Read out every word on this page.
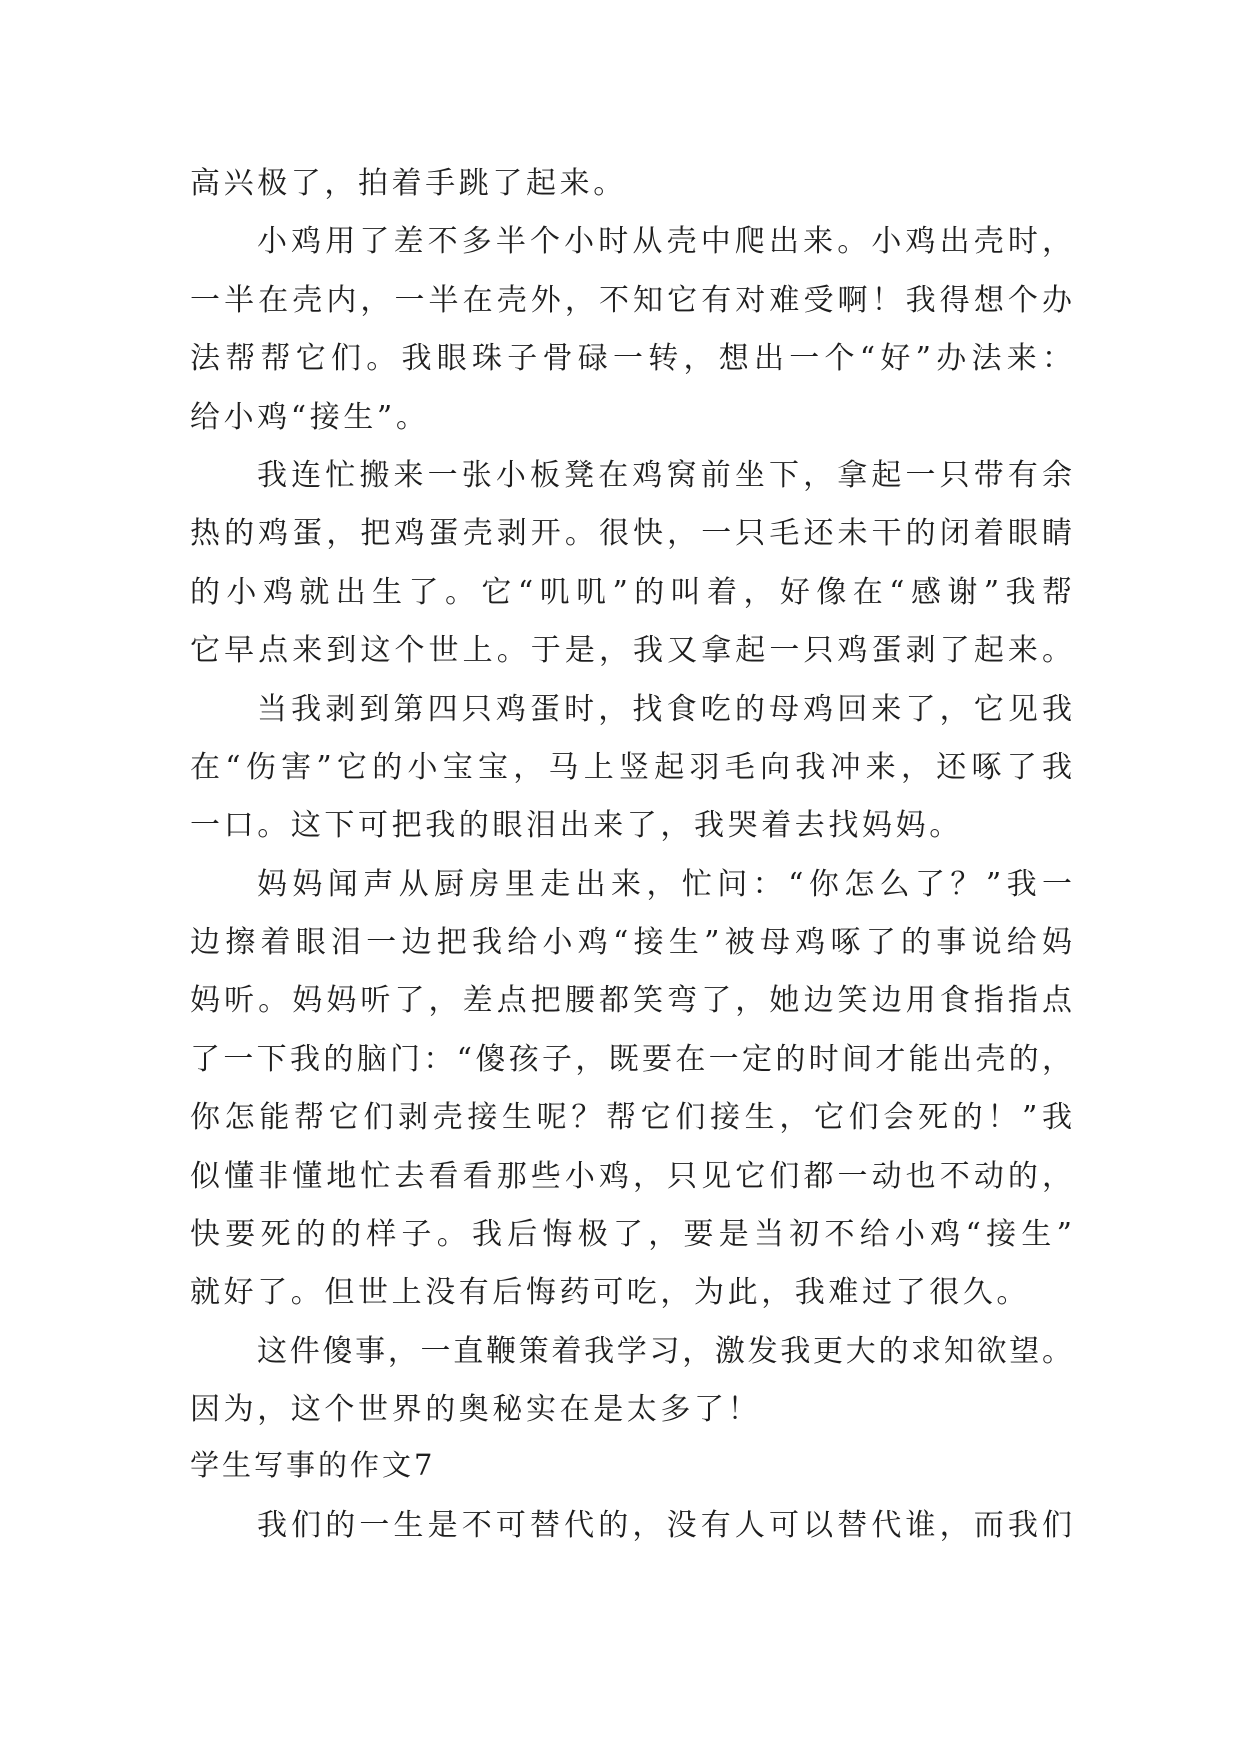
高兴极了，拍着手跳了起来。
小鸡用了差不多半个小时从壳中爬出来。小鸡出壳时，
一半在壳内，一半在壳外，不知它有对难受啊！我得想个办
法帮帮它们。我眼珠子骨碌一转，想出一个“好”办法来：
给小鸡“接生”。
我连忙搬来一张小板凳在鸡窝前坐下，拿起一只带有余
热的鸡蛋，把鸡蛋壳剥开。很快，一只毛还未干的闭着眼睛
的小鸡就出生了。它“叽叽”的叫着，好像在“感谢”我帮
它早点来到这个世上。于是，我又拿起一只鸡蛋剥了起来。
当我剥到第四只鸡蛋时，找食吃的母鸡回来了，它见我
在“伤害”它的小宝宝，马上竖起羽毛向我冲来，还啄了我
一口。这下可把我的眼泪出来了，我哭着去找妈妈。
妈妈闻声从厨房里走出来，忙问：“你怎么了？”我一
边擦着眼泪一边把我给小鸡“接生”被母鸡啄了的事说给妈
妈听。妈妈听了，差点把腰都笑弯了，她边笑边用食指指点
了一下我的脑门：“傻孩子，既要在一定的时间才能出壳的，
你怎能帮它们剥壳接生呢？帮它们接生，它们会死的！”我
似懂非懂地忙去看看那些小鸡，只见它们都一动也不动的，
快要死的的样子。我后悔极了，要是当初不给小鸡“接生”
就好了。但世上没有后悔药可吃，为此，我难过了很久。
这件傻事，一直鞭策着我学习，激发我更大的求知欲望。
因为，这个世界的奥秘实在是太多了！
学生写事的作文7
我们的一生是不可替代的，没有人可以替代谁，而我们
